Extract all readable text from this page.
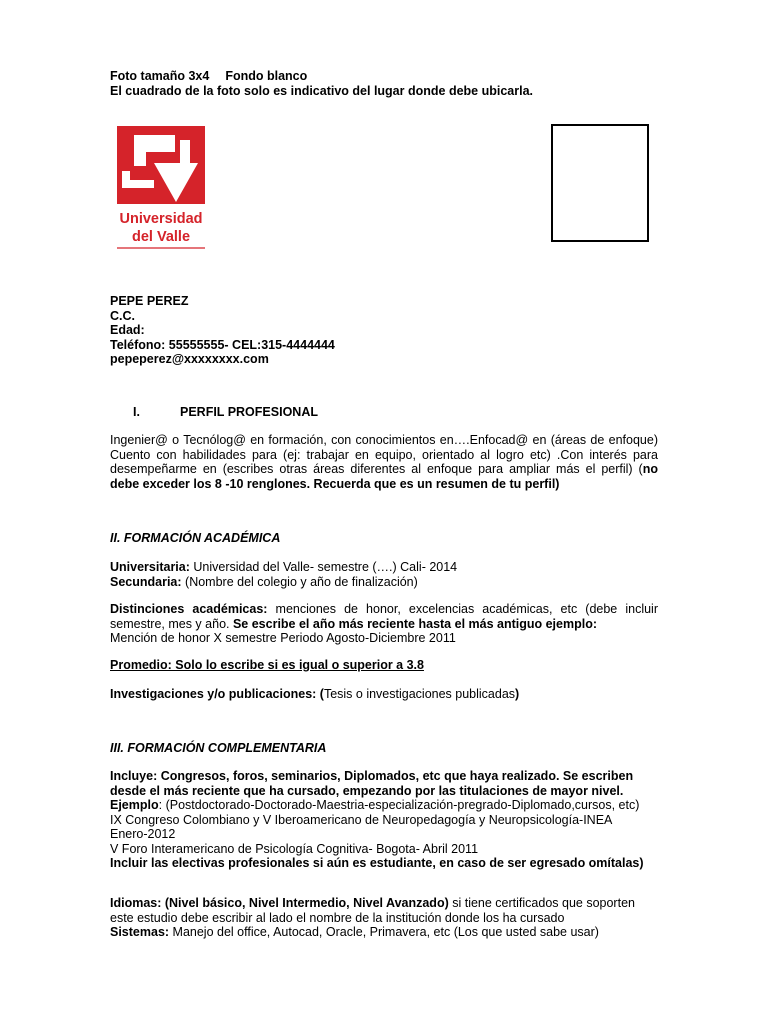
Foto tamaño 3x4 Fondo blanco
El cuadrado de la foto solo es indicativo del lugar donde debe ubicarla.
Universidad
del Valle
PEPE PEREZ
C.C.
Edad:
Teléfono: 55555555- CEL:315-4444444
pepeperez@xxxxxxxx.com
I.	PERFIL PROFESIONAL
Ingenier@ o Tecnólog@ en formación, con conocimientos en….Enfocad@ en (áreas de enfoque) Cuento con habilidades para (ej: trabajar en equipo, orientado al logro etc) .Con interés para desempeñarme en (escribes otras áreas diferentes al enfoque para ampliar más el perfil) (no debe exceder los 8 -10 renglones. Recuerda que es un resumen de tu perfil)
II. FORMACIÓN ACADÉMICA
Universitaria: Universidad del Valle- semestre (….) Cali- 2014
Secundaria: (Nombre del colegio y año de finalización)
Distinciones académicas: menciones de honor, excelencias académicas, etc (debe incluir semestre, mes y año. Se escribe el año más reciente hasta el más antiguo ejemplo:
Mención de honor X semestre Periodo Agosto-Diciembre 2011
Promedio: Solo lo escribe si es igual o superior a 3.8
Investigaciones y/o publicaciones: (Tesis o investigaciones publicadas)
III. FORMACIÓN COMPLEMENTARIA
Incluye: Congresos, foros, seminarios, Diplomados, etc que haya realizado. Se escriben desde el más reciente que ha cursado, empezando por las titulaciones de mayor nivel.
Ejemplo: (Postdoctorado-Doctorado-Maestria-especialización-pregrado-Diplomado,cursos, etc)
IX Congreso Colombiano y V Iberoamericano de Neuropedagogía y Neuropsicología-INEA Enero-2012
V Foro Interamericano de Psicología Cognitiva- Bogota- Abril 2011
Incluir las electivas profesionales si aún es estudiante, en caso de ser egresado omítalas)
Idiomas: (Nivel básico, Nivel Intermedio, Nivel Avanzado) si tiene certificados que soporten este estudio debe escribir al lado el nombre de la institución donde los ha cursado
Sistemas: Manejo del office, Autocad, Oracle, Primavera, etc (Los que usted sabe usar)
